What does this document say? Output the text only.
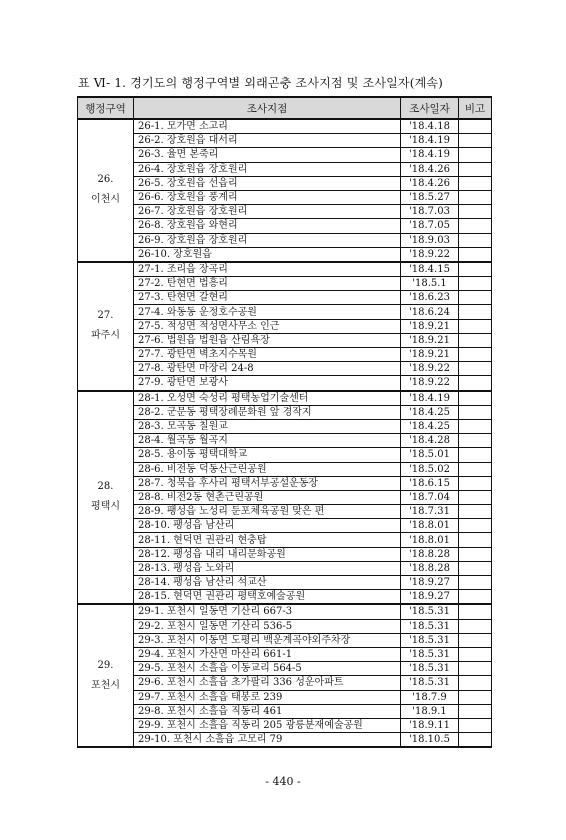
표 Ⅵ- 1. 경기도의 행정구역별 외래곤충 조사지점 및 조사일자(계속)
행정구역	조사지점	조사일자	비고

26.
이천시	26-1. 모가면 소고리	'18.4.18	
	26-2. 장호원읍 대서리	'18.4.19	
	26-3. 율면 본죽리	'18.4.19	
	26-4. 장호원읍 장호원리	'18.4.26	
	26-5. 장호원읍 선읍리	'18.4.26	
	26-6. 장호원읍 풍계리	'18.5.27	
	26-7. 장호원읍 장호원리	'18.7.03	
	26-8. 장호원읍 와현리	'18.7.05	
	26-9. 장호원읍 장호원리	'18.9.03	
	26-10. 장호원읍	'18.9.22	

27.
파주시	27-1. 조리읍 장곡리	'18.4.15	
	27-2. 탄현면 법흥리	'18.5.1	
	27-3. 탄현면 갈현리	'18.6.23	
	27-4. 와동동 운정호수공원	'18.6.24	
	27-5. 적성면 적성면사무소 인근	'18.9.21	
	27-6. 법원읍 법원읍 산림욕장	'18.9.21	
	27-7. 광탄면 벽초지수목원	'18.9.21	
	27-8. 광탄면 마장리 24-8	'18.9.22	
	27-9. 광탄면 보광사	'18.9.22	

28.
평택시	28-1. 오성면 숙성리 평택농업기술센터	'18.4.19	
	28-2. 군문동 평택장례문화원 앞 경작지	'18.4.25	
	28-3. 모곡동 칠원교	'18.4.25	
	28-4. 월곡동 월곡지	'18.4.28	
	28-5. 용이동 평택대학교	'18.5.01	
	28-6. 비전동 덕동산근린공원	'18.5.02	
	28-7. 청북읍 후사리 평택서부공설운동장	'18.6.15	
	28-8. 비전2동 현촌근린공원	'18.7.04	
	28-9. 팽성읍 노성리 둔포체육공원 맞은 편	'18.7.31	
	28-10. 팽성읍 남산리	'18.8.01	
	28-11. 현덕면 권관리 현충탑	'18.8.01	
	28-12. 팽성읍 내리 내리문화공원	'18.8.28	
	28-13. 팽성읍 노와리	'18.8.28	
	28-14. 팽성읍 남산리 석교산	'18.9.27	
	28-15. 현덕면 권관리 평택호예술공원	'18.9.27	

29.
포천시	29-1. 포천시 일동면 기산리 667-3	'18.5.31	
	29-2. 포천시 일동면 기산리 536-5	'18.5.31	
	29-3. 포천시 이동면 도평리 백운계곡야외주차장	'18.5.31	
	29-4. 포천시 가산면 마산리 661-1	'18.5.31	
	29-5. 포천시 소흘읍 이동교리 564-5	'18.5.31	
	29-6. 포천시 소흘읍 초가팔리 336 성운아파트	'18.5.31	
	29-7. 포천시 소흘읍 태봉로 239	'18.7.9	
	29-8. 포천시 소흘읍 직동리 461	'18.9.1	
	29-9. 포천시 소흘읍 직동리 205 광릉분재예술공원	'18.9.11	
	29-10. 포천시 소흘읍 고모리 79	'18.10.5	
- 440 -
